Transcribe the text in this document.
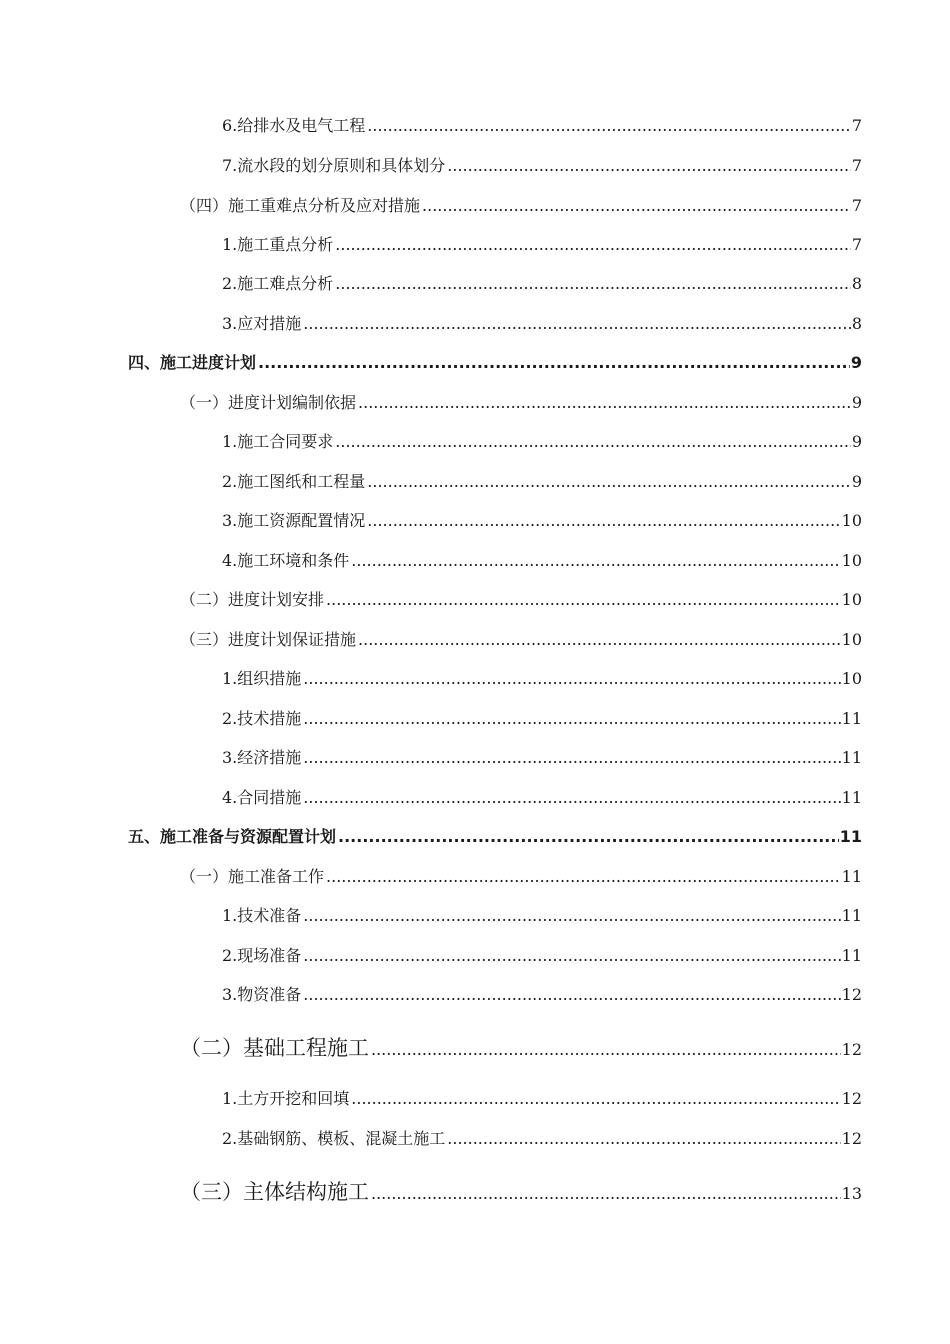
6.给排水及电气工程 .....	7
7.流水段的划分原则和具体划分 .....	7
（四）施工重难点分析及应对措施 .....	7
1.施工重点分析 .....	7
2.施工难点分析 .....	8
3.应对措施 .....	8
四、施工进度计划 .....	9
（一）进度计划编制依据 .....	9
1.施工合同要求 .....	9
2.施工图纸和工程量 .....	9
3.施工资源配置情况 .....	10
4.施工环境和条件 .....	10
（二）进度计划安排 .....	10
（三）进度计划保证措施 .....	10
1.组织措施 .....	10
2.技术措施 .....	11
3.经济措施 .....	11
4.合同措施 .....	11
五、施工准备与资源配置计划 .....	11
（一）施工准备工作 .....	11
1.技术准备 .....	11
2.现场准备 .....	11
3.物资准备 .....	12
（二）基础工程施工 .....	12
1.土方开挖和回填 .....	12
2.基础钢筋、模板、混凝土施工 .....	12
（三）主体结构施工 .....	13
